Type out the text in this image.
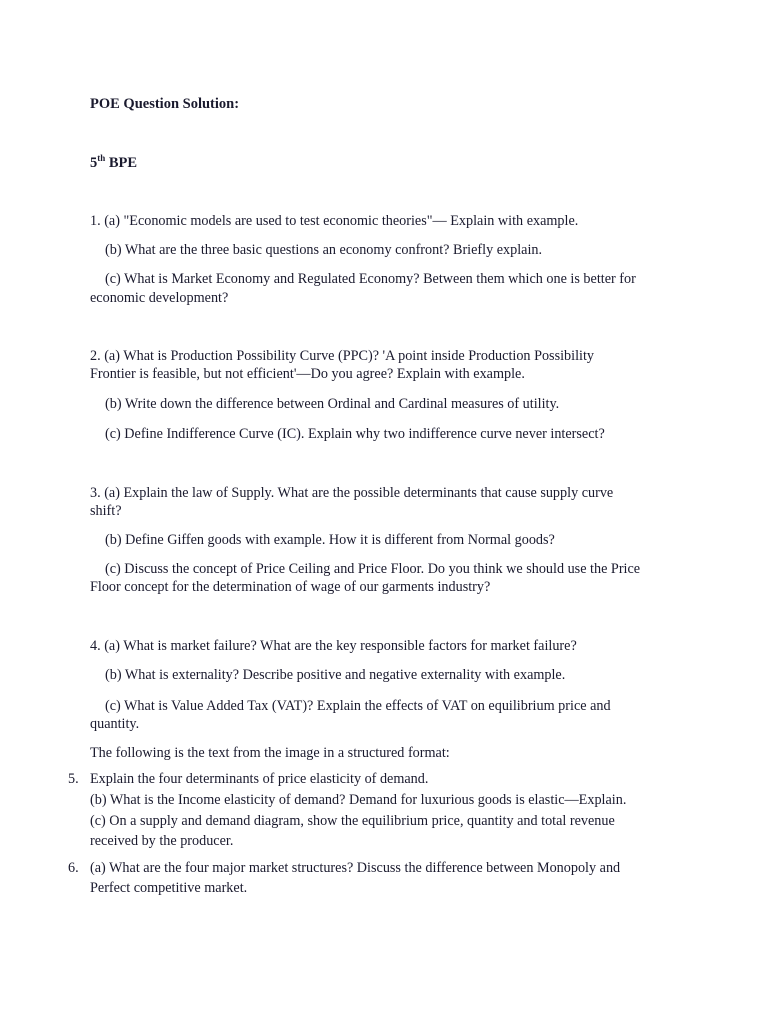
POE Question Solution:
5th BPE
1. (a) "Economic models are used to test economic theories"— Explain with example.
(b) What are the three basic questions an economy confront? Briefly explain.
(c) What is Market Economy and Regulated Economy? Between them which one is better for
economic development?
2. (a) What is Production Possibility Curve (PPC)? 'A point inside Production Possibility
Frontier is feasible, but not efficient'—Do you agree? Explain with example.
(b) Write down the difference between Ordinal and Cardinal measures of utility.
(c) Define Indifference Curve (IC). Explain why two indifference curve never intersect?
3. (a) Explain the law of Supply. What are the possible determinants that cause supply curve
shift?
(b) Define Giffen goods with example. How it is different from Normal goods?
(c) Discuss the concept of Price Ceiling and Price Floor. Do you think we should use the Price
Floor concept for the determination of wage of our garments industry?
4. (a) What is market failure? What are the key responsible factors for market failure?
(b) What is externality? Describe positive and negative externality with example.
(c) What is Value Added Tax (VAT)? Explain the effects of VAT on equilibrium price and
quantity.
The following is the text from the image in a structured format:
5. Explain the four determinants of price elasticity of demand.
(b) What is the Income elasticity of demand? Demand for luxurious goods is elastic—Explain.
(c) On a supply and demand diagram, show the equilibrium price, quantity and total revenue
received by the producer.
6. (a) What are the four major market structures? Discuss the difference between Monopoly and
Perfect competitive market.
